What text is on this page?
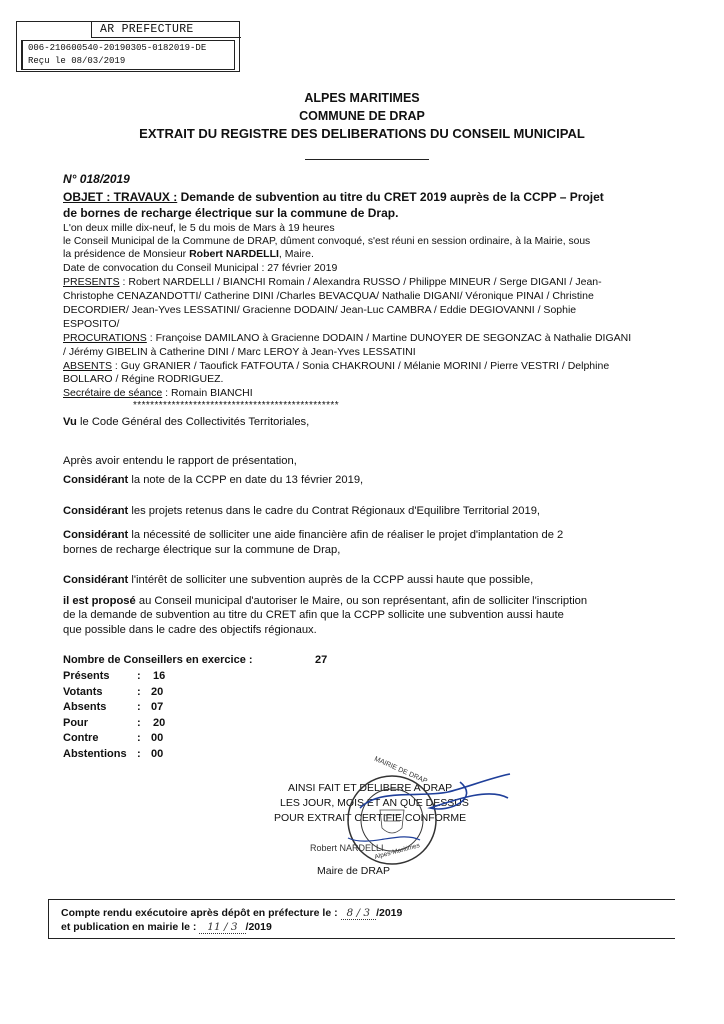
AR PREFECTURE
006-210600540-20190305-0182019-DE
Reçu le 08/03/2019
ALPES MARITIMES
COMMUNE DE DRAP
EXTRAIT DU REGISTRE DES DELIBERATIONS DU CONSEIL MUNICIPAL
N° 018/2019
OBJET : TRAVAUX : Demande de subvention au titre du CRET 2019 auprès de la CCPP – Projet
de bornes de recharge électrique sur la commune de Drap.
L'on deux mille dix-neuf, le 5 du mois de Mars à 19 heures
le Conseil Municipal de la Commune de DRAP, dûment convoqué, s'est réuni en session ordinaire, à la Mairie, sous
la présidence de Monsieur Robert NARDELLI, Maire.
Date de convocation du Conseil Municipal : 27 février 2019
PRESENTS : Robert NARDELLI / BIANCHI Romain / Alexandra RUSSO / Philippe MINEUR / Serge DIGANI / Jean-
Christophe CENAZANDOTTI/ Catherine DINI /Charles BEVACQUA/ Nathalie DIGANI/ Véronique PINAI / Christine
DECORDIER/ Jean-Yves LESSATINI/ Gracienne DODAIN/ Jean-Luc CAMBRA / Eddie DEGIOVANNI / Sophie
ESPOSITO/
PROCURATIONS : Françoise DAMILANO à Gracienne DODAIN / Martine DUNOYER DE SEGONZAC à Nathalie DIGANI
/ Jérémy GIBELIN à Catherine DINI / Marc LEROY à Jean-Yves LESSATINI
ABSENTS : Guy GRANIER / Taoufick FATFOUTA / Sonia CHAKROUNI / Mélanie MORINI / Pierre VESTRI / Delphine
BOLLARO / Régine RODRIGUEZ.
Secrétaire de séance : Romain BIANCHI
************************************************
Vu le Code Général des Collectivités Territoriales,
Après avoir entendu le rapport de présentation,
Considérant la note de la CCPP en date du 13 février 2019,
Considérant les projets retenus dans le cadre du Contrat Régionaux d'Equilibre Territorial 2019,
Considérant la nécessité de solliciter une aide financière afin de réaliser le projet d'implantation de 2
bornes de recharge électrique sur la commune de Drap,
Considérant l'intérêt de solliciter une subvention auprès de la CCPP aussi haute que possible,
il est proposé au Conseil municipal d'autoriser le Maire, ou son représentant, afin de solliciter l'inscription
de la demande de subvention au titre du CRET afin que la CCPP sollicite une subvention aussi haute
que possible dans le cadre des objectifs régionaux.
Nombre de Conseillers en exercice :	27
Présents	: 16
Votants	: 20
Absents	: 07
Pour	: 20
Contre	: 00
Abstentions : 00
AINSI FAIT ET DELIBERE A DRAP
LES JOUR, MOIS ET AN QUE DESSUS
POUR EXTRAIT CERTIFIE CONFORME
MAIRIE DE DRAP
Alpes-Maritimes
Robert NARDELLI
Maire de DRAP
Compte rendu exécutoire après dépôt en préfecture le : 8 / 3 /2019
et publication en mairie le : 11 / 3 /2019
